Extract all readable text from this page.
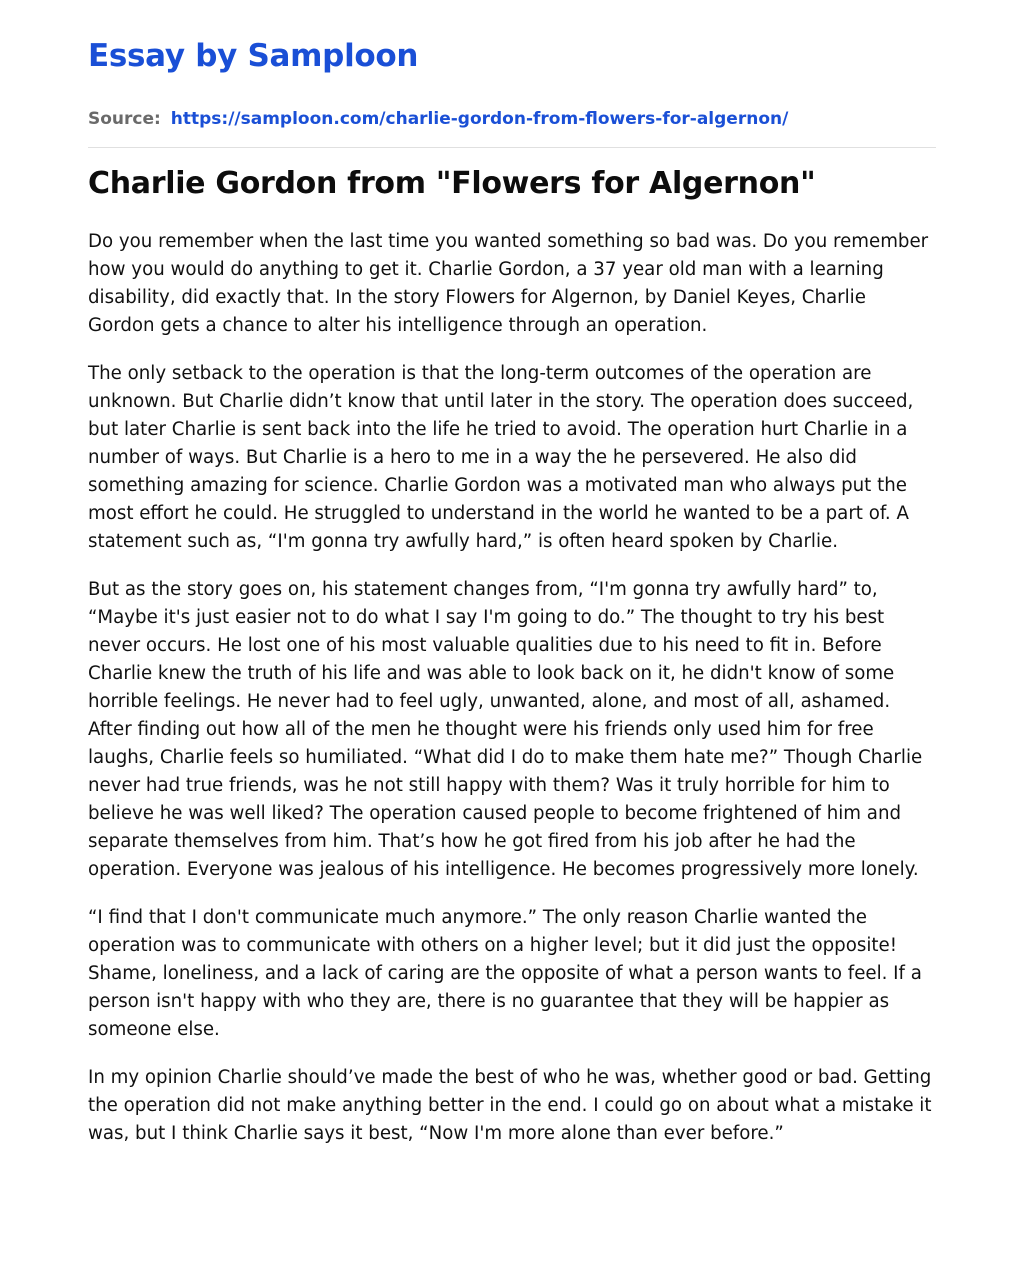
Essay by Samploon
Source: https://samploon.com/charlie-gordon-from-flowers-for-algernon/
Charlie Gordon from "Flowers for Algernon"

Do you remember when the last time you wanted something so bad was. Do you remember how you would do anything to get it. Charlie Gordon, a 37 year old man with a learning disability, did exactly that. In the story Flowers for Algernon, by Daniel Keyes, Charlie Gordon gets a chance to alter his intelligence through an operation.

The only setback to the operation is that the long-term outcomes of the operation are unknown. But Charlie didn’t know that until later in the story. The operation does succeed, but later Charlie is sent back into the life he tried to avoid. The operation hurt Charlie in a number of ways. But Charlie is a hero to me in a way the he persevered. He also did something amazing for science. Charlie Gordon was a motivated man who always put the most effort he could. He struggled to understand in the world he wanted to be a part of. A statement such as, “I'm gonna try awfully hard,” is often heard spoken by Charlie.

But as the story goes on, his statement changes from, “I'm gonna try awfully hard” to, “Maybe it's just easier not to do what I say I'm going to do.” The thought to try his best never occurs. He lost one of his most valuable qualities due to his need to fit in. Before Charlie knew the truth of his life and was able to look back on it, he didn't know of some horrible feelings. He never had to feel ugly, unwanted, alone, and most of all, ashamed. After finding out how all of the men he thought were his friends only used him for free laughs, Charlie feels so humiliated. “What did I do to make them hate me?” Though Charlie never had true friends, was he not still happy with them? Was it truly horrible for him to believe he was well liked? The operation caused people to become frightened of him and separate themselves from him. That’s how he got fired from his job after he had the operation. Everyone was jealous of his intelligence. He becomes progressively more lonely.

“I find that I don't communicate much anymore.” The only reason Charlie wanted the operation was to communicate with others on a higher level; but it did just the opposite! Shame, loneliness, and a lack of caring are the opposite of what a person wants to feel. If a person isn't happy with who they are, there is no guarantee that they will be happier as someone else.

In my opinion Charlie should’ve made the best of who he was, whether good or bad. Getting the operation did not make anything better in the end. I could go on about what a mistake it was, but I think Charlie says it best, “Now I'm more alone than ever before.”
